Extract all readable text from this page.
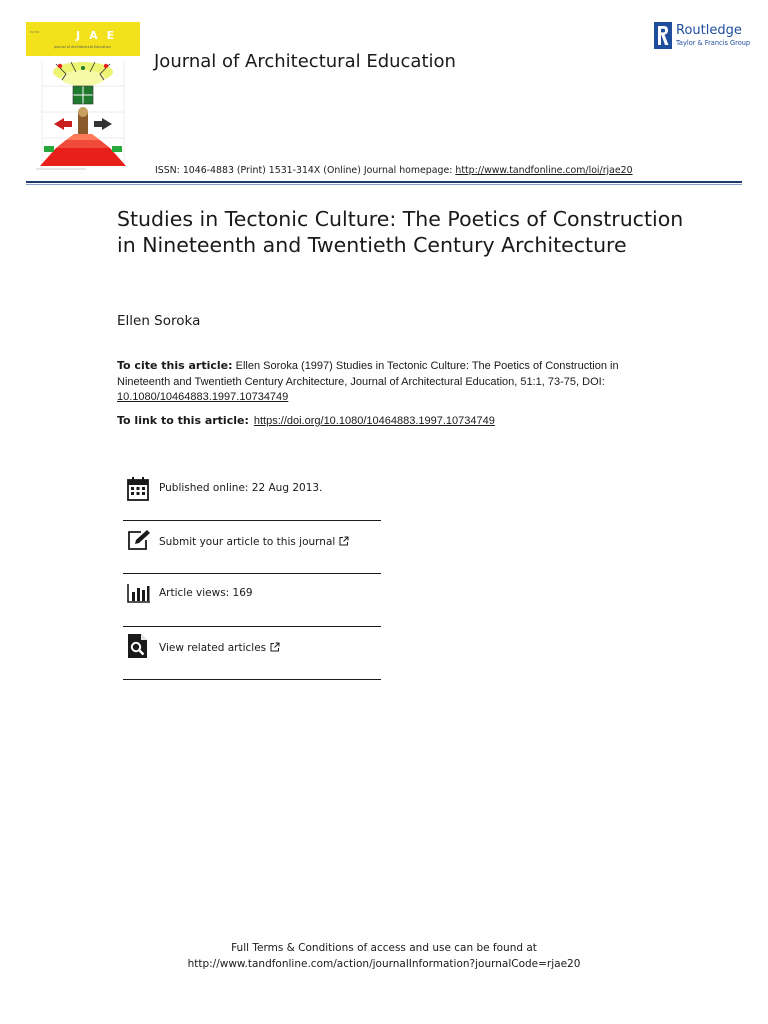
Vol 51	JAE
Journal of Architectural Education
Journal of Architectural Education
Routledge
Taylor & Francis Group
ISSN: 1046-4883 (Print) 1531-314X (Online) Journal homepage: http://www.tandfonline.com/loi/rjae20
Studies in Tectonic Culture: The Poetics of Construction in Nineteenth and Twentieth Century Architecture
Ellen Soroka
To cite this article: Ellen Soroka (1997) Studies in Tectonic Culture: The Poetics of Construction in Nineteenth and Twentieth Century Architecture, Journal of Architectural Education, 51:1, 73-75, DOI: 10.1080/10464883.1997.10734749
To link to this article: https://doi.org/10.1080/10464883.1997.10734749
Published online: 22 Aug 2013.
Submit your article to this journal
Article views: 169
View related articles
Full Terms & Conditions of access and use can be found at
http://www.tandfonline.com/action/journalInformation?journalCode=rjae20
